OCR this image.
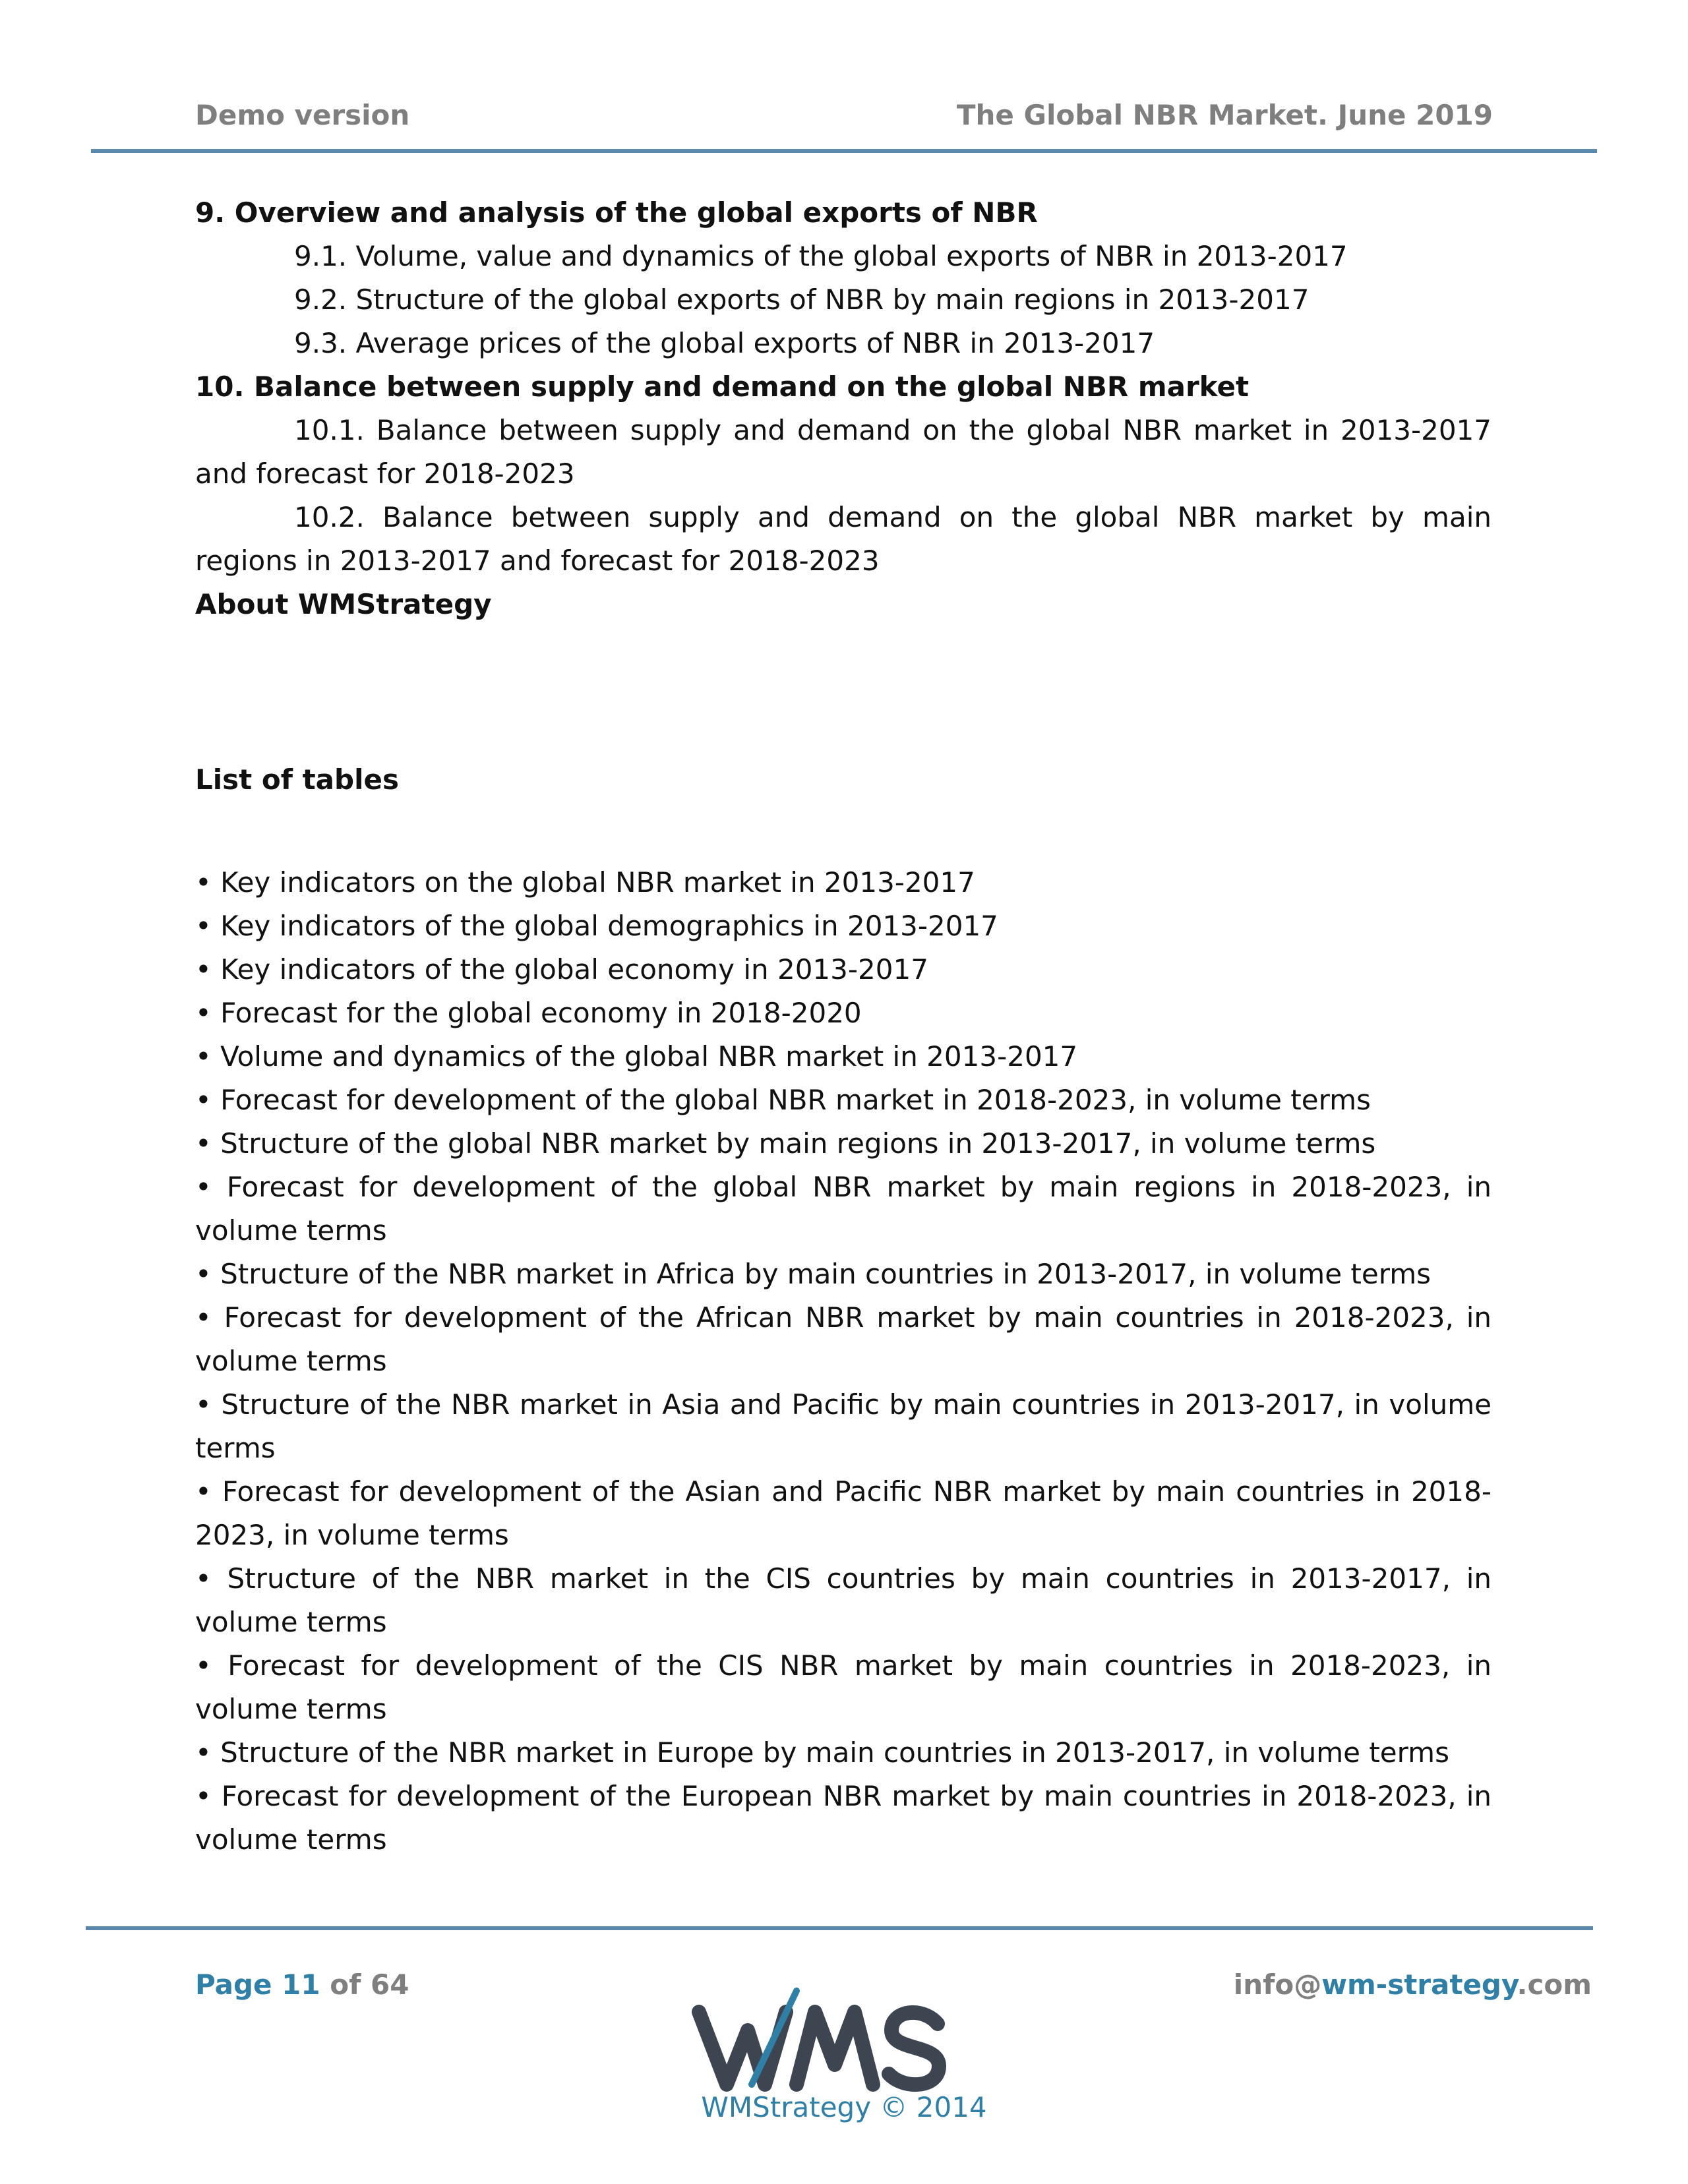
Demo version	The Global NBR Market. June 2019

9. Overview and analysis of the global exports of NBR

9.1. Volume, value and dynamics of the global exports of NBR in 2013-2017

9.2. Structure of the global exports of NBR by main regions in 2013-2017

9.3. Average prices of the global exports of NBR in 2013-2017

10. Balance between supply and demand on the global NBR market

10.1. Balance between supply and demand on the global NBR market in 2013-2017 and forecast for 2018-2023

10.2. Balance between supply and demand on the global NBR market by main regions in 2013-2017 and forecast for 2018-2023

About WMStrategy

List of tables

• Key indicators on the global NBR market in 2013-2017

• Key indicators of the global demographics in 2013-2017

• Key indicators of the global economy in 2013-2017

• Forecast for the global economy in 2018-2020

• Volume and dynamics of the global NBR market in 2013-2017

• Forecast for development of the global NBR market in 2018-2023, in volume terms

• Structure of the global NBR market by main regions in 2013-2017, in volume terms

• Forecast for development of the global NBR market by main regions in 2018-2023, in volume terms

• Structure of the NBR market in Africa by main countries in 2013-2017, in volume terms

• Forecast for development of the African NBR market by main countries in 2018-2023, in volume terms

• Structure of the NBR market in Asia and Pacific by main countries in 2013-2017, in volume terms

• Forecast for development of the Asian and Pacific NBR market by main countries in 2018-2023, in volume terms

• Structure of the NBR market in the CIS countries by main countries in 2013-2017, in volume terms

• Forecast for development of the CIS NBR market by main countries in 2018-2023, in volume terms

• Structure of the NBR market in Europe by main countries in 2013-2017, in volume terms

• Forecast for development of the European NBR market by main countries in 2018-2023, in volume terms

Page 11 of 64	info@wm-strategy.com
WMStrategy © 2014
